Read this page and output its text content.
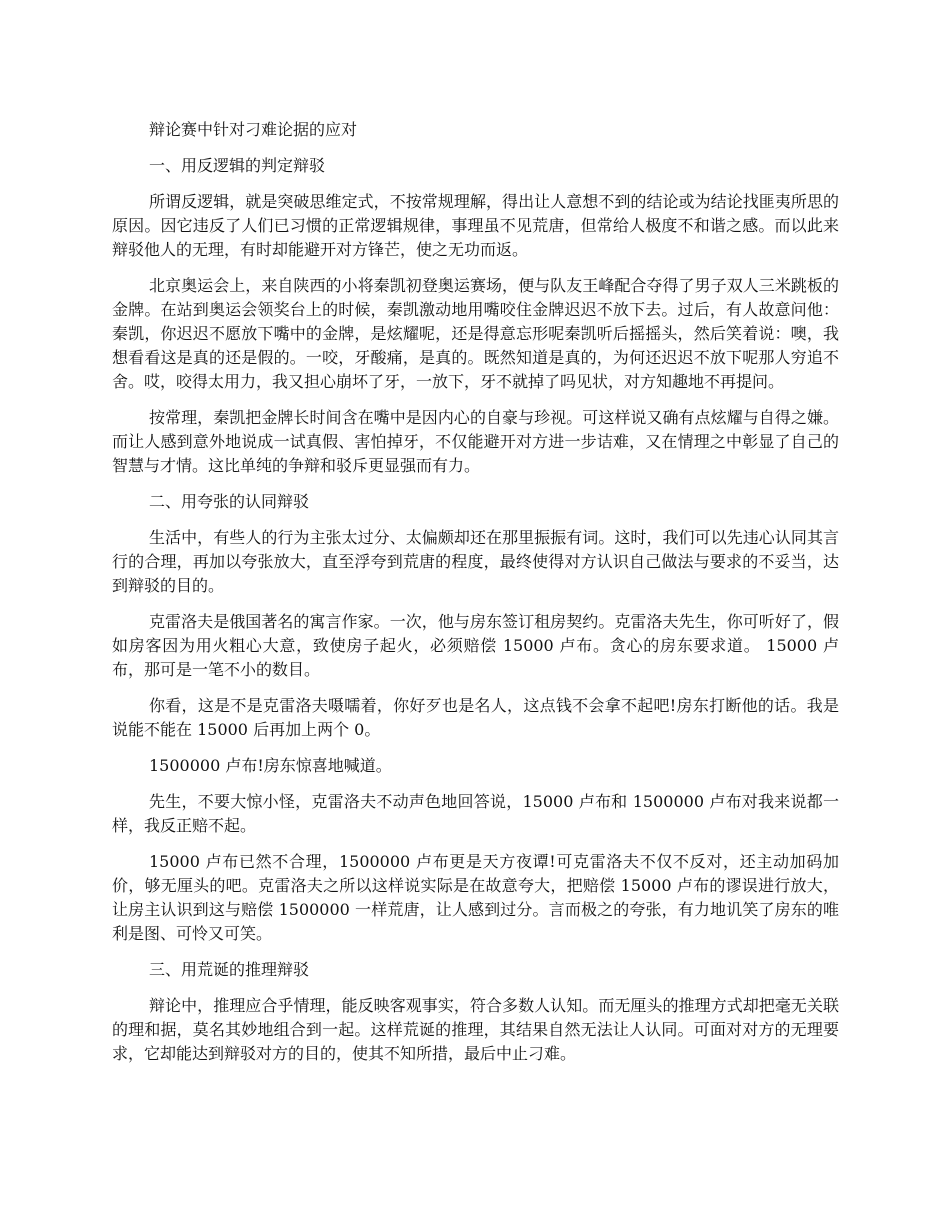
辩论赛中针对刁难论据的应对

一、用反逻辑的判定辩驳

所谓反逻辑，就是突破思维定式，不按常规理解，得出让人意想不到的结论或为结论找匪夷所思的原因。因它违反了人们已习惯的正常逻辑规律，事理虽不见荒唐，但常给人极度不和谐之感。而以此来辩驳他人的无理，有时却能避开对方锋芒，使之无功而返。

北京奥运会上，来自陕西的小将秦凯初登奥运赛场，便与队友王峰配合夺得了男子双人三米跳板的金牌。在站到奥运会领奖台上的时候，秦凯激动地用嘴咬住金牌迟迟不放下去。过后，有人故意问他：秦凯，你迟迟不愿放下嘴中的金牌，是炫耀呢，还是得意忘形呢秦凯听后摇摇头，然后笑着说：噢，我想看看这是真的还是假的。一咬，牙酸痛，是真的。既然知道是真的，为何还迟迟不放下呢那人穷追不舍。哎，咬得太用力，我又担心崩坏了牙，一放下，牙不就掉了吗见状，对方知趣地不再提问。

按常理，秦凯把金牌长时间含在嘴中是因内心的自豪与珍视。可这样说又确有点炫耀与自得之嫌。而让人感到意外地说成一试真假、害怕掉牙，不仅能避开对方进一步诘难，又在情理之中彰显了自己的智慧与才情。这比单纯的争辩和驳斥更显强而有力。

二、用夸张的认同辩驳

生活中，有些人的行为主张太过分、太偏颇却还在那里振振有词。这时，我们可以先违心认同其言行的合理，再加以夸张放大，直至浮夸到荒唐的程度，最终使得对方认识自己做法与要求的不妥当，达到辩驳的目的。

克雷洛夫是俄国著名的寓言作家。一次，他与房东签订租房契约。克雷洛夫先生，你可听好了，假如房客因为用火粗心大意，致使房子起火，必须赔偿 15000 卢布。贪心的房东要求道。 15000 卢布，那可是一笔不小的数目。

你看，这是不是克雷洛夫嗫嚅着，你好歹也是名人，这点钱不会拿不起吧!房东打断他的话。我是说能不能在 15000 后再加上两个 0。

1500000 卢布!房东惊喜地喊道。

先生，不要大惊小怪，克雷洛夫不动声色地回答说，15000 卢布和 1500000 卢布对我来说都一样，我反正赔不起。

15000 卢布已然不合理，1500000 卢布更是天方夜谭!可克雷洛夫不仅不反对，还主动加码加价，够无厘头的吧。克雷洛夫之所以这样说实际是在故意夸大，把赔偿 15000 卢布的谬误进行放大，让房主认识到这与赔偿 1500000 一样荒唐，让人感到过分。言而极之的夸张，有力地讥笑了房东的唯利是图、可怜又可笑。

三、用荒诞的推理辩驳

辩论中，推理应合乎情理，能反映客观事实，符合多数人认知。而无厘头的推理方式却把毫无关联的理和据，莫名其妙地组合到一起。这样荒诞的推理，其结果自然无法让人认同。可面对对方的无理要求，它却能达到辩驳对方的目的，使其不知所措，最后中止刁难。
